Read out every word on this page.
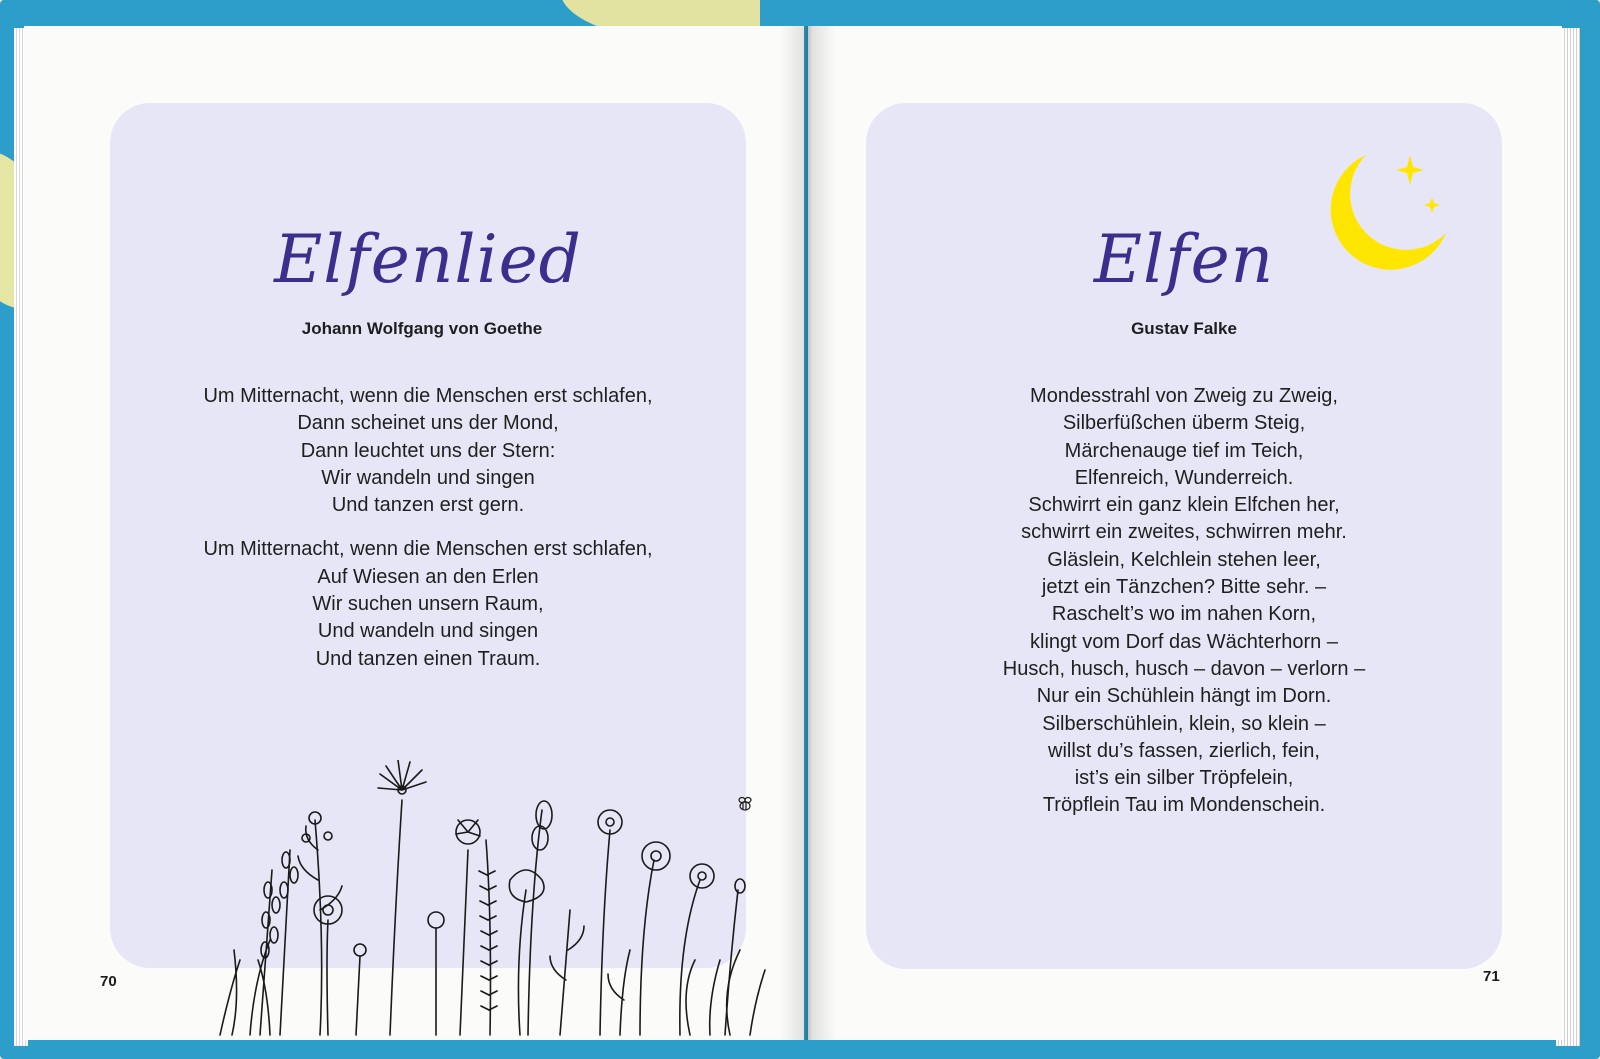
Elfenlied
Johann Wolfgang von Goethe
Um Mitternacht, wenn die Menschen erst schlafen,
Dann scheinet uns der Mond,
Dann leuchtet uns der Stern:
Wir wandeln und singen
Und tanzen erst gern.
Um Mitternacht, wenn die Menschen erst schlafen,
Auf Wiesen an den Erlen
Wir suchen unsern Raum,
Und wandeln und singen
Und tanzen einen Traum.
70
Elfen
Gustav Falke
Mondesstrahl von Zweig zu Zweig,
Silberfüßchen überm Steig,
Märchenauge tief im Teich,
Elfenreich, Wunderreich.
Schwirrt ein ganz klein Elfchen her,
schwirrt ein zweites, schwirren mehr.
Gläslein, Kelchlein stehen leer,
jetzt ein Tänzchen? Bitte sehr. –
Raschelt’s wo im nahen Korn,
klingt vom Dorf das Wächterhorn –
Husch, husch, husch – davon – verlorn –
Nur ein Schühlein hängt im Dorn.
Silberschühlein, klein, so klein –
willst du’s fassen, zierlich, fein,
ist’s ein silber Tröpfelein,
Tröpflein Tau im Mondenschein.
71
